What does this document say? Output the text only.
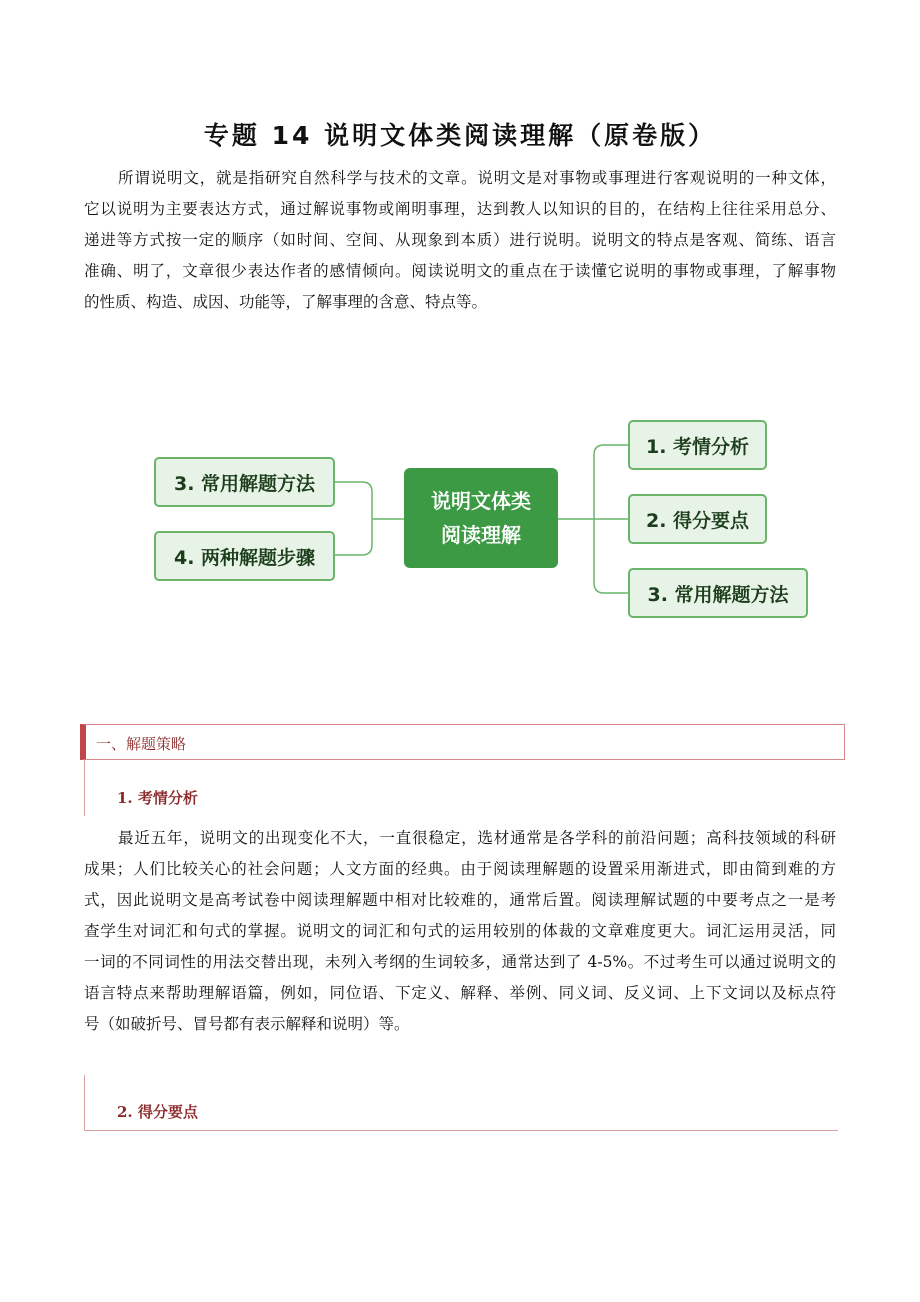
专题 14 说明文体类阅读理解（原卷版）
所谓说明文，就是指研究自然科学与技术的文章。说明文是对事物或事理进行客观说明的一种文体，
它以说明为主要表达方式，通过解说事物或阐明事理，达到教人以知识的目的，在结构上往往采用总分、
递进等方式按一定的顺序（如时间、空间、从现象到本质）进行说明。说明文的特点是客观、简练、语言
准确、明了，文章很少表达作者的感情倾向。阅读说明文的重点在于读懂它说明的事物或事理，了解事物
的性质、构造、成因、功能等，了解事理的含意、特点等。
说明文体类
阅读理解
3. 常用解题方法
4. 两种解题步骤
1. 考情分析
2. 得分要点
3. 常用解题方法
一、解题策略
1. 考情分析
最近五年，说明文的出现变化不大，一直很稳定，选材通常是各学科的前沿问题；高科技领域的科研
成果；人们比较关心的社会问题；人文方面的经典。由于阅读理解题的设置采用渐进式，即由简到难的方
式，因此说明文是高考试卷中阅读理解题中相对比较难的，通常后置。阅读理解试题的中要考点之一是考
查学生对词汇和句式的掌握。说明文的词汇和句式的运用较别的体裁的文章难度更大。词汇运用灵活，同
一词的不同词性的用法交替出现，未列入考纲的生词较多，通常达到了 4-5%。不过考生可以通过说明文的
语言特点来帮助理解语篇，例如，同位语、下定义、解释、举例、同义词、反义词、上下文词以及标点符
号（如破折号、冒号都有表示解释和说明）等。
2. 得分要点
